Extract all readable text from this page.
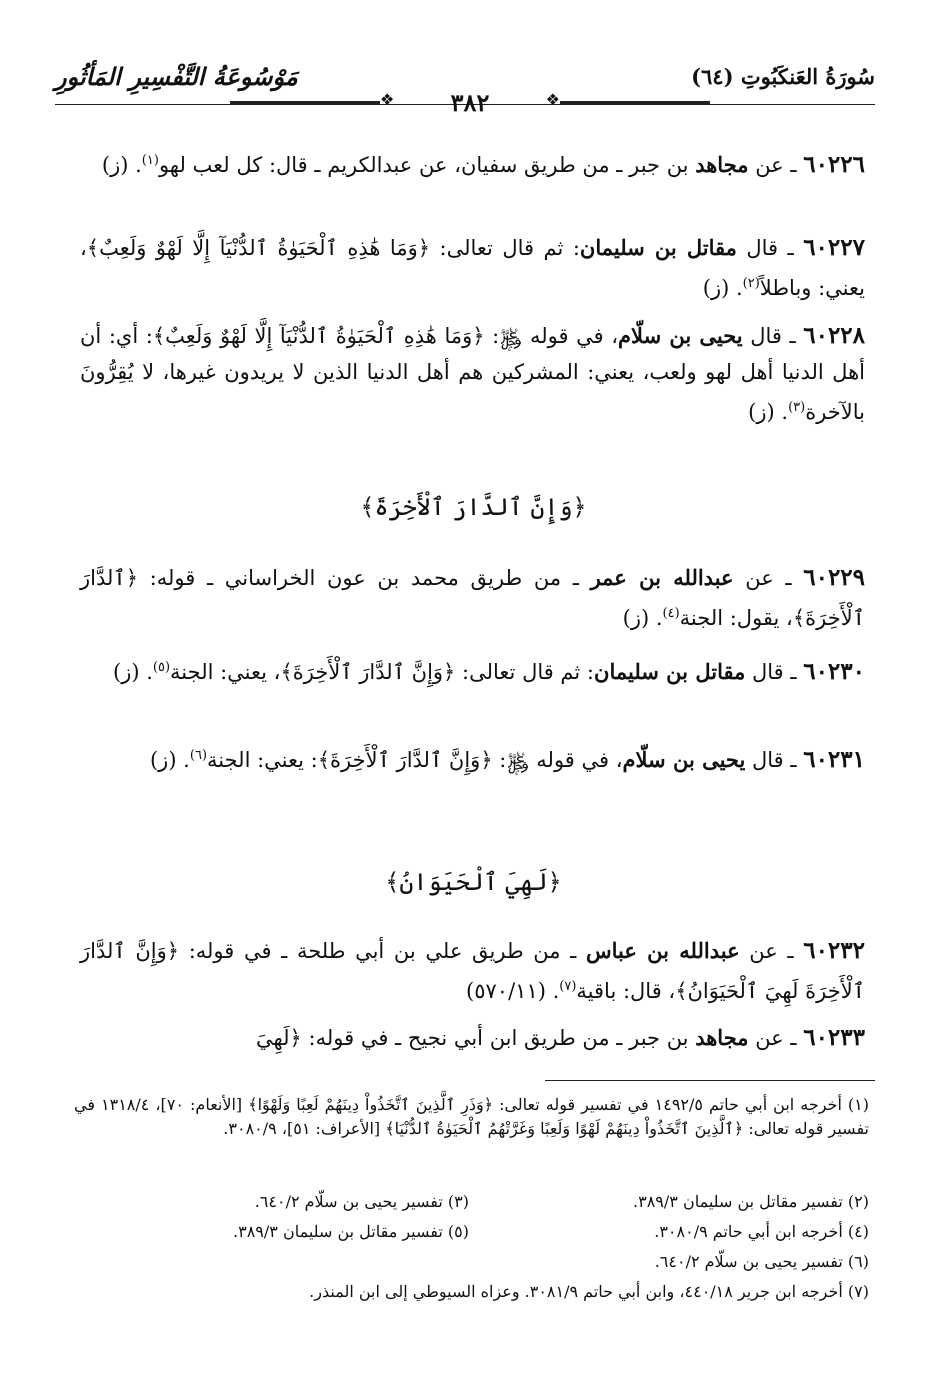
سُورَةُ العَنكَبُوتِ (٦٤)
مَوْسُوعَةُ التَّفْسِيرِ المَأثُورِ
❖	٣٨٢	❖
٦٠٢٢٦ ـ عن مجاهد بن جبر ـ من طريق سفيان، عن عبدالكريم ـ قال: كل لعب لهو$^{(١)}$. (ز)
٦٠٢٢٧ ـ قال مقاتل بن سليمان: ثم قال تعالى: ﴿وَمَا هَٰذِهِ ٱلْحَيَوٰةُ ٱلدُّنْيَآ إِلَّا لَهْوٌ وَلَعِبٌ﴾، يعني: وباطلاً$^{(٢)}$. (ز)
٦٠٢٢٨ ـ قال يحيى بن سلّام، في قوله ﷿: ﴿وَمَا هَٰذِهِ ٱلْحَيَوٰةُ ٱلدُّنْيَآ إِلَّا لَهْوٌ وَلَعِبٌ﴾: أي: أن أهل الدنيا أهل لهو ولعب، يعني: المشركين هم أهل الدنيا الذين لا يريدون غيرها، لا يُقِرُّونَ بالآخرة$^{(٣)}$. (ز)
﴿وَإِنَّ ٱلدَّارَ ٱلْأَخِرَةَ﴾
٦٠٢٢٩ ـ عن عبدالله بن عمر ـ من طريق محمد بن عون الخراساني ـ قوله: ﴿ٱلدَّارَ ٱلْأَخِرَةَ﴾، يقول: الجنة$^{(٤)}$. (ز)
٦٠٢٣٠ ـ قال مقاتل بن سليمان: ثم قال تعالى: ﴿وَإِنَّ ٱلدَّارَ ٱلْأَخِرَةَ﴾، يعني: الجنة$^{(٥)}$. (ز)
٦٠٢٣١ ـ قال يحيى بن سلّام، في قوله ﷿: ﴿وَإِنَّ ٱلدَّارَ ٱلْأَخِرَةَ﴾: يعني: الجنة$^{(٦)}$. (ز)
﴿لَهِيَ ٱلْحَيَوَانُ﴾
٦٠٢٣٢ ـ عن عبدالله بن عباس ـ من طريق علي بن أبي طلحة ـ في قوله: ﴿وَإِنَّ ٱلدَّارَ ٱلْأَخِرَةَ لَهِيَ ٱلْحَيَوَانُ﴾، قال: باقية$^{(٧)}$. (٥٧٠/١١)
٦٠٢٣٣ ـ عن مجاهد بن جبر ـ من طريق ابن أبي نجيح ـ في قوله: ﴿لَهِيَ
(١) أخرجه ابن أبي حاتم ١٤٩٢/٥ في تفسير قوله تعالى: ﴿وَذَرِ ٱلَّذِينَ ٱتَّخَذُواْ دِينَهُمْ لَعِبًا وَلَهْوًا﴾ [الأنعام: ٧٠]، ١٣١٨/٤ في تفسير قوله تعالى: ﴿ٱلَّذِينَ ٱتَّخَذُواْ دِينَهُمْ لَهْوًا وَلَعِبًا وَغَرَّتْهُمُ ٱلْحَيَوٰةُ ٱلدُّنْيَا﴾ [الأعراف: ٥١]، ٣٠٨٠/٩.
(٢) تفسير مقاتل بن سليمان ٣٨٩/٣.
(٣) تفسير يحيى بن سلّام ٦٤٠/٢.
(٤) أخرجه ابن أبي حاتم ٣٠٨٠/٩.
(٥) تفسير مقاتل بن سليمان ٣٨٩/٣.
(٦) تفسير يحيى بن سلّام ٦٤٠/٢.
(٧) أخرجه ابن جرير ٤٤٠/١٨، وابن أبي حاتم ٣٠٨١/٩. وعزاه السيوطي إلى ابن المنذر.
